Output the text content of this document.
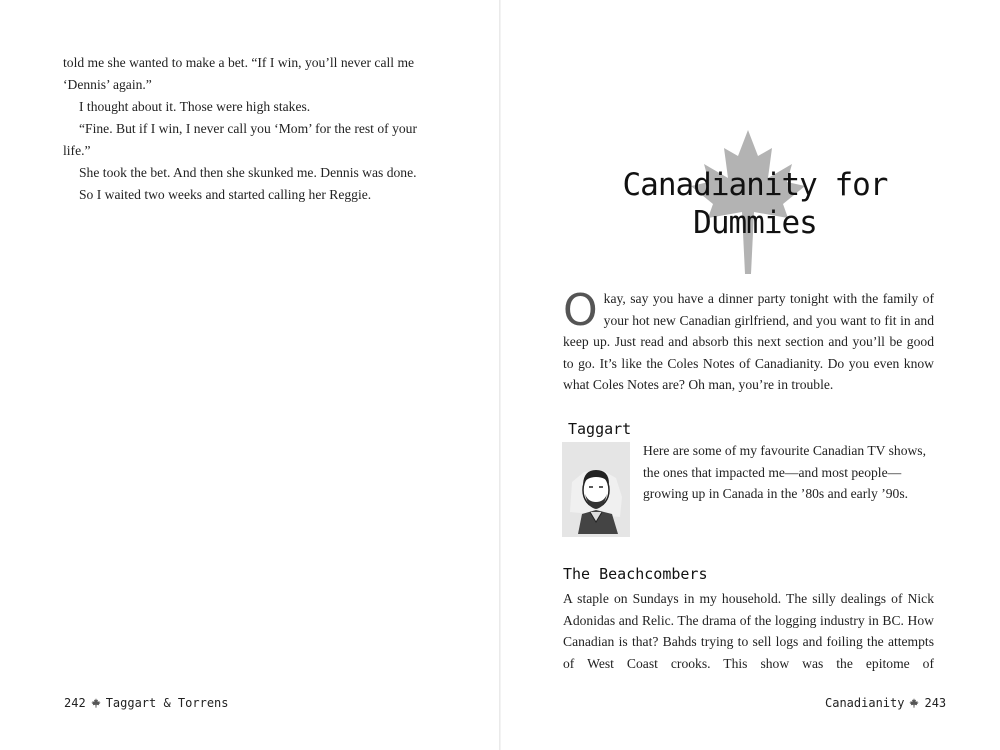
told me she wanted to make a bet. “If I win, you’ll never call me ‘Dennis’ again.”

I thought about it. Those were high stakes.

“Fine. But if I win, I never call you ‘Mom’ for the rest of your life.”

She took the bet. And then she skunked me. Dennis was done.

So I waited two weeks and started calling her Reggie.

242 Taggart & Torrens
Canadianity for
Dummies

O kay, say you have a dinner party tonight with the family of your hot new Canadian girlfriend, and you want to fit in and keep up. Just read and absorb this next section and you’ll be good to go. It’s like the Coles Notes of Canadianity. Do you even know what Coles Notes are? Oh man, you’re in trouble.

Taggart

Here are some of my favourite Canadian TV shows, the ones that impacted me—and most people—growing up in Canada in the ’80s and early ’90s.

The Beachcombers

A staple on Sundays in my household. The silly dealings of Nick Adonidas and Relic. The drama of the logging industry in BC. How Canadian is that? Bahds trying to sell logs and foiling the attempts of West Coast crooks. This show was the epitome of

Canadianity 243
